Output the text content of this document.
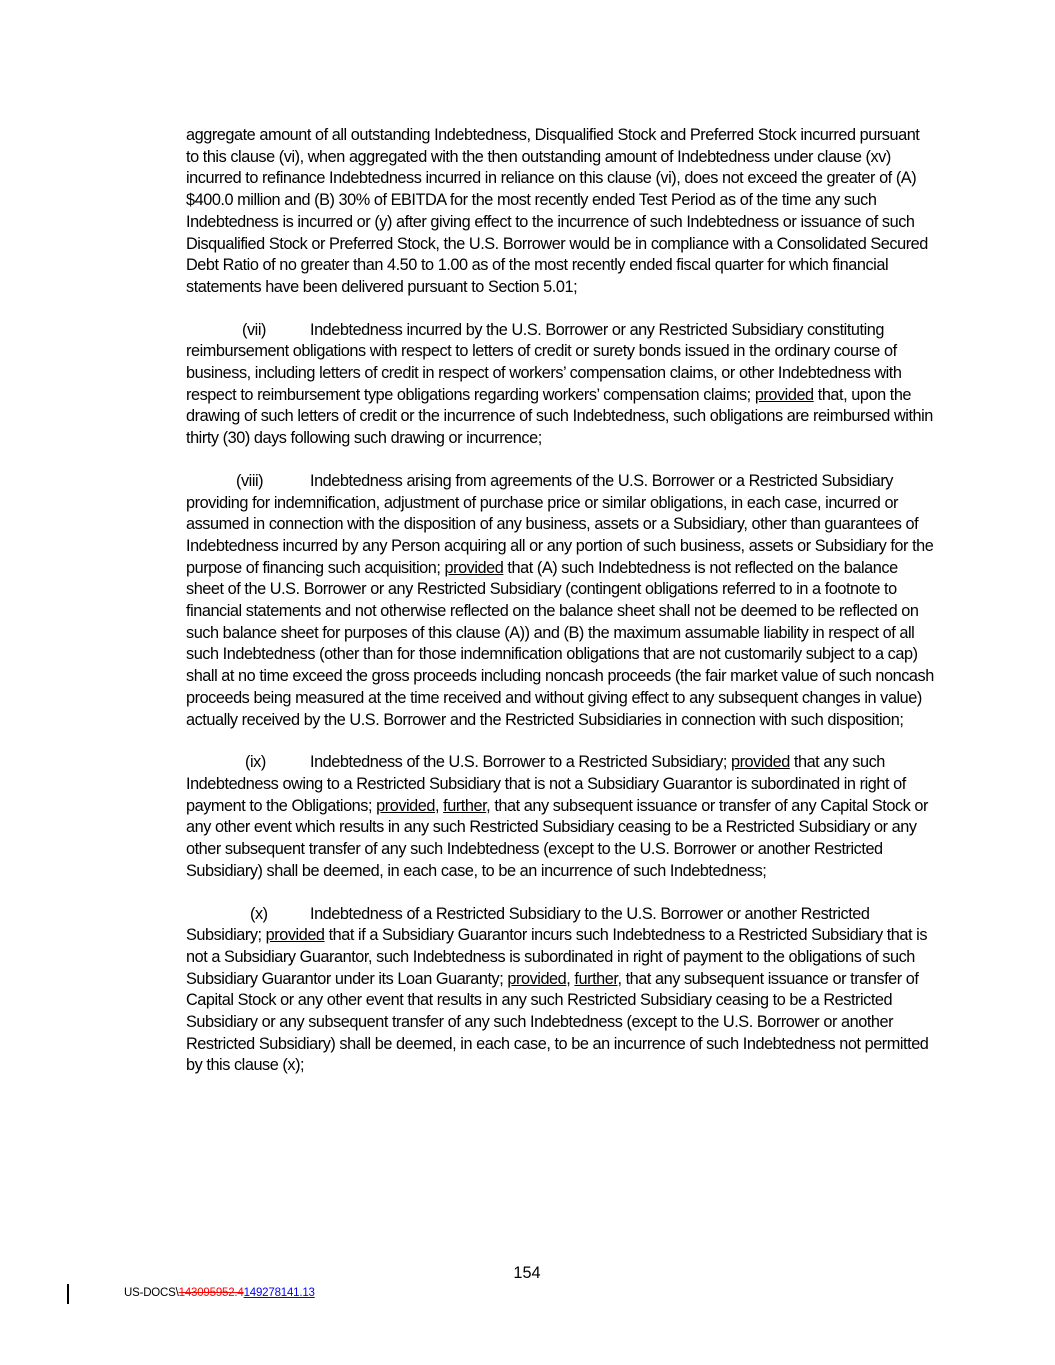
aggregate amount of all outstanding Indebtedness, Disqualified Stock and Preferred Stock incurred pursuant to this clause (vi), when aggregated with the then outstanding amount of Indebtedness under clause (xv) incurred to refinance Indebtedness incurred in reliance on this clause (vi), does not exceed the greater of (A) $400.0 million and (B) 30% of EBITDA for the most recently ended Test Period as of the time any such Indebtedness is incurred or (y) after giving effect to the incurrence of such Indebtedness or issuance of such Disqualified Stock or Preferred Stock, the U.S. Borrower would be in compliance with a Consolidated Secured Debt Ratio of no greater than 4.50 to 1.00 as of the most recently ended fiscal quarter for which financial statements have been delivered pursuant to Section 5.01;

(vii)	Indebtedness incurred by the U.S. Borrower or any Restricted Subsidiary constituting reimbursement obligations with respect to letters of credit or surety bonds issued in the ordinary course of business, including letters of credit in respect of workers’ compensation claims, or other Indebtedness with respect to reimbursement type obligations regarding workers’ compensation claims; provided that, upon the drawing of such letters of credit or the incurrence of such Indebtedness, such obligations are reimbursed within thirty (30) days following such drawing or incurrence;

(viii)	Indebtedness arising from agreements of the U.S. Borrower or a Restricted Subsidiary providing for indemnification, adjustment of purchase price or similar obligations, in each case, incurred or assumed in connection with the disposition of any business, assets or a Subsidiary, other than guarantees of Indebtedness incurred by any Person acquiring all or any portion of such business, assets or Subsidiary for the purpose of financing such acquisition; provided that (A) such Indebtedness is not reflected on the balance sheet of the U.S. Borrower or any Restricted Subsidiary (contingent obligations referred to in a footnote to financial statements and not otherwise reflected on the balance sheet shall not be deemed to be reflected on such balance sheet for purposes of this clause (A)) and (B) the maximum assumable liability in respect of all such Indebtedness (other than for those indemnification obligations that are not customarily subject to a cap) shall at no time exceed the gross proceeds including noncash proceeds (the fair market value of such noncash proceeds being measured at the time received and without giving effect to any subsequent changes in value) actually received by the U.S. Borrower and the Restricted Subsidiaries in connection with such disposition;

(ix)	Indebtedness of the U.S. Borrower to a Restricted Subsidiary; provided that any such Indebtedness owing to a Restricted Subsidiary that is not a Subsidiary Guarantor is subordinated in right of payment to the Obligations; provided, further, that any subsequent issuance or transfer of any Capital Stock or any other event which results in any such Restricted Subsidiary ceasing to be a Restricted Subsidiary or any other subsequent transfer of any such Indebtedness (except to the U.S. Borrower or another Restricted Subsidiary) shall be deemed, in each case, to be an incurrence of such Indebtedness;

(x)	Indebtedness of a Restricted Subsidiary to the U.S. Borrower or another Restricted Subsidiary; provided that if a Subsidiary Guarantor incurs such Indebtedness to a Restricted Subsidiary that is not a Subsidiary Guarantor, such Indebtedness is subordinated in right of payment to the obligations of such Subsidiary Guarantor under its Loan Guaranty; provided, further, that any subsequent issuance or transfer of Capital Stock or any other event that results in any such Restricted Subsidiary ceasing to be a Restricted Subsidiary or any subsequent transfer of any such Indebtedness (except to the U.S. Borrower or another Restricted Subsidiary) shall be deemed, in each case, to be an incurrence of such Indebtedness not permitted by this clause (x);

154
US-DOCS\143095952.4149278141.13
